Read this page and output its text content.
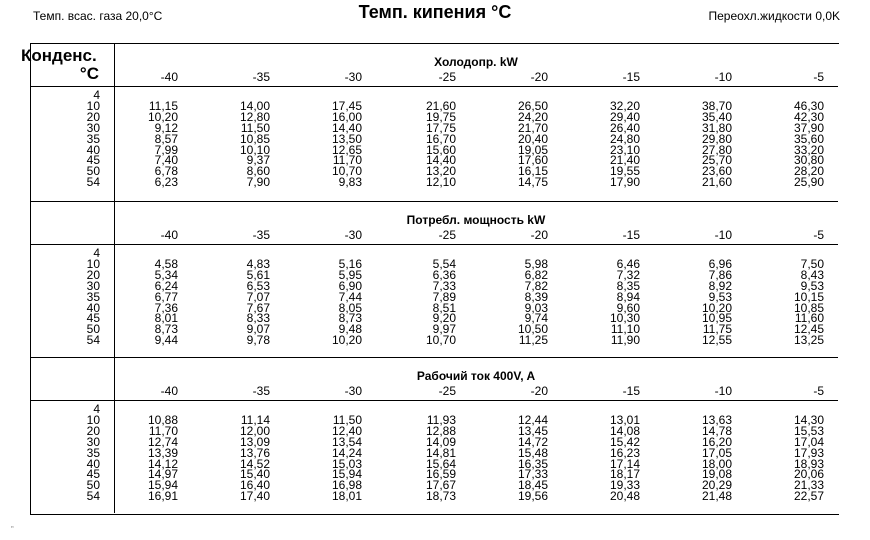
Темп. всас. газа 20,0°C	Темп. кипения °C	Переохл.жидкости 0,0K
Конденс.
°C
Холодопр. kW
-40	-35	-30	-25	-20	-15	-10	-5
4
10	11,15	14,00	17,45	21,60	26,50	32,20	38,70	46,30
20	10,20	12,80	16,00	19,75	24,20	29,40	35,40	42,30
30	9,12	11,50	14,40	17,75	21,70	26,40	31,80	37,90
35	8,57	10,85	13,50	16,70	20,40	24,80	29,80	35,60
40	7,99	10,10	12,65	15,60	19,05	23,10	27,80	33,20
45	7,40	9,37	11,70	14,40	17,60	21,40	25,70	30,80
50	6,78	8,60	10,70	13,20	16,15	19,55	23,60	28,20
54	6,23	7,90	9,83	12,10	14,75	17,90	21,60	25,90
Потребл. мощность kW
-40	-35	-30	-25	-20	-15	-10	-5
4
10	4,58	4,83	5,16	5,54	5,98	6,46	6,96	7,50
20	5,34	5,61	5,95	6,36	6,82	7,32	7,86	8,43
30	6,24	6,53	6,90	7,33	7,82	8,35	8,92	9,53
35	6,77	7,07	7,44	7,89	8,39	8,94	9,53	10,15
40	7,36	7,67	8,05	8,51	9,03	9,60	10,20	10,85
45	8,01	8,33	8,73	9,20	9,74	10,30	10,95	11,60
50	8,73	9,07	9,48	9,97	10,50	11,10	11,75	12,45
54	9,44	9,78	10,20	10,70	11,25	11,90	12,55	13,25
Рабочий ток 400V, A
-40	-35	-30	-25	-20	-15	-10	-5
4
10	10,88	11,14	11,50	11,93	12,44	13,01	13,63	14,30
20	11,70	12,00	12,40	12,88	13,45	14,08	14,78	15,53
30	12,74	13,09	13,54	14,09	14,72	15,42	16,20	17,04
35	13,39	13,76	14,24	14,81	15,48	16,23	17,05	17,93
40	14,12	14,52	15,03	15,64	16,35	17,14	18,00	18,93
45	14,97	15,40	15,94	16,59	17,33	18,17	19,08	20,06
50	15,94	16,40	16,98	17,67	18,45	19,33	20,29	21,33
54	16,91	17,40	18,01	18,73	19,56	20,48	21,48	22,57
„
